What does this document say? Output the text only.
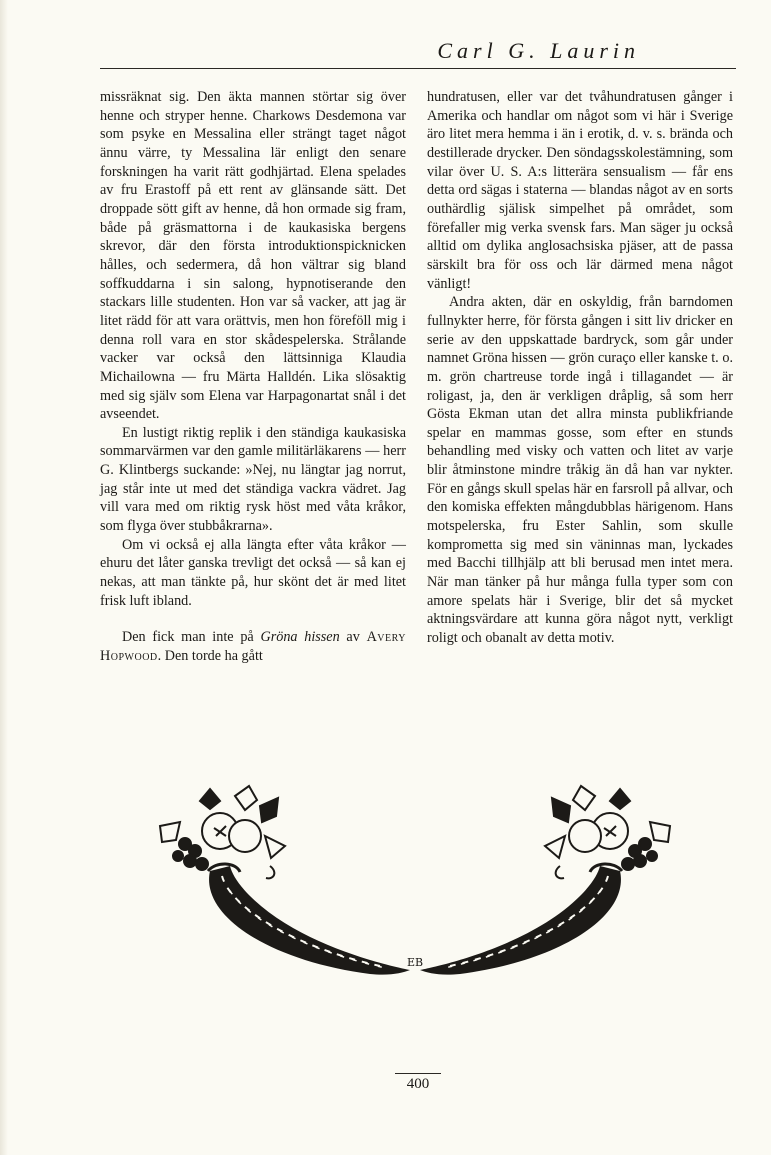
Carl G. Laurin

missräknat sig. Den äkta mannen störtar sig över henne och stryper henne. Charkows Desdemona var som psyke en Messalina eller strängt taget något ännu värre, ty Messalina lär enligt den senare forskningen ha varit rätt godhjärtad. Elena spelades av fru Erastoff på ett rent av glänsande sätt. Det droppade sött gift av henne, då hon ormade sig fram, både på gräsmattorna i de kaukasiska bergens skrevor, där den första introduktionspicknicken hålles, och sedermera, då hon vältrar sig bland soffkuddarna i sin salong, hypnotiserande den stackars lille studenten. Hon var så vacker, att jag är litet rädd för att vara orättvis, men hon föreföll mig i denna roll vara en stor skådespelerska. Strålande vacker var också den lättsinniga Klaudia Michailowna — fru Märta Halldén. Lika slösaktig med sig själv som Elena var Harpagonartat snål i det avseendet.

En lustigt riktig replik i den ständiga kaukasiska sommarvärmen var den gamle militärläkarens — herr G. Klintbergs suckande: »Nej, nu längtar jag norrut, jag står inte ut med det ständiga vackra vädret. Jag vill vara med om riktig rysk höst med våta kråkor, som flyga över stubbåkrarna».

Om vi också ej alla längta efter våta kråkor — ehuru det låter ganska trevligt det också — så kan ej nekas, att man tänkte på, hur skönt det är med litet frisk luft ibland.

Den fick man inte på Gröna hissen av Avery Hopwood. Den torde ha gått

hundratusen, eller var det tvåhundratusen gånger i Amerika och handlar om något som vi här i Sverige äro litet mera hemma i än i erotik, d. v. s. brända och destillerade drycker. Den söndagsskolestämning, som vilar över U. S. A:s litterära sensualism — får ens detta ord sägas i staterna — blandas något av en sorts outhärdlig själisk simpelhet på området, som förefaller mig verka svensk fars. Man säger ju också alltid om dylika anglosachsiska pjäser, att de passa särskilt bra för oss och lär därmed mena något vänligt!

Andra akten, där en oskyldig, från barndomen fullnykter herre, för första gången i sitt liv dricker en serie av den uppskattade bardryck, som går under namnet Gröna hissen — grön curaço eller kanske t. o. m. grön chartreuse torde ingå i tillagandet — är roligast, ja, den är verkligen dråplig, så som herr Gösta Ekman utan det allra minsta publikfriande spelar en mammas gosse, som efter en stunds behandling med visky och vatten och litet av varje blir åtminstone mindre tråkig än då han var nykter. För en gångs skull spelas här en farsroll på allvar, och den komiska effekten mångdubblas härigenom. Hans motspelerska, fru Ester Sahlin, som skulle komprometta sig med sin väninnas man, lyckades med Bacchi tillhjälp att bli berusad men intet mera. När man tänker på hur många fulla typer som con amore spelats här i Sverige, blir det så mycket aktningsvärdare att kunna göra något nytt, verkligt roligt och obanalt av detta motiv.

EB
400
